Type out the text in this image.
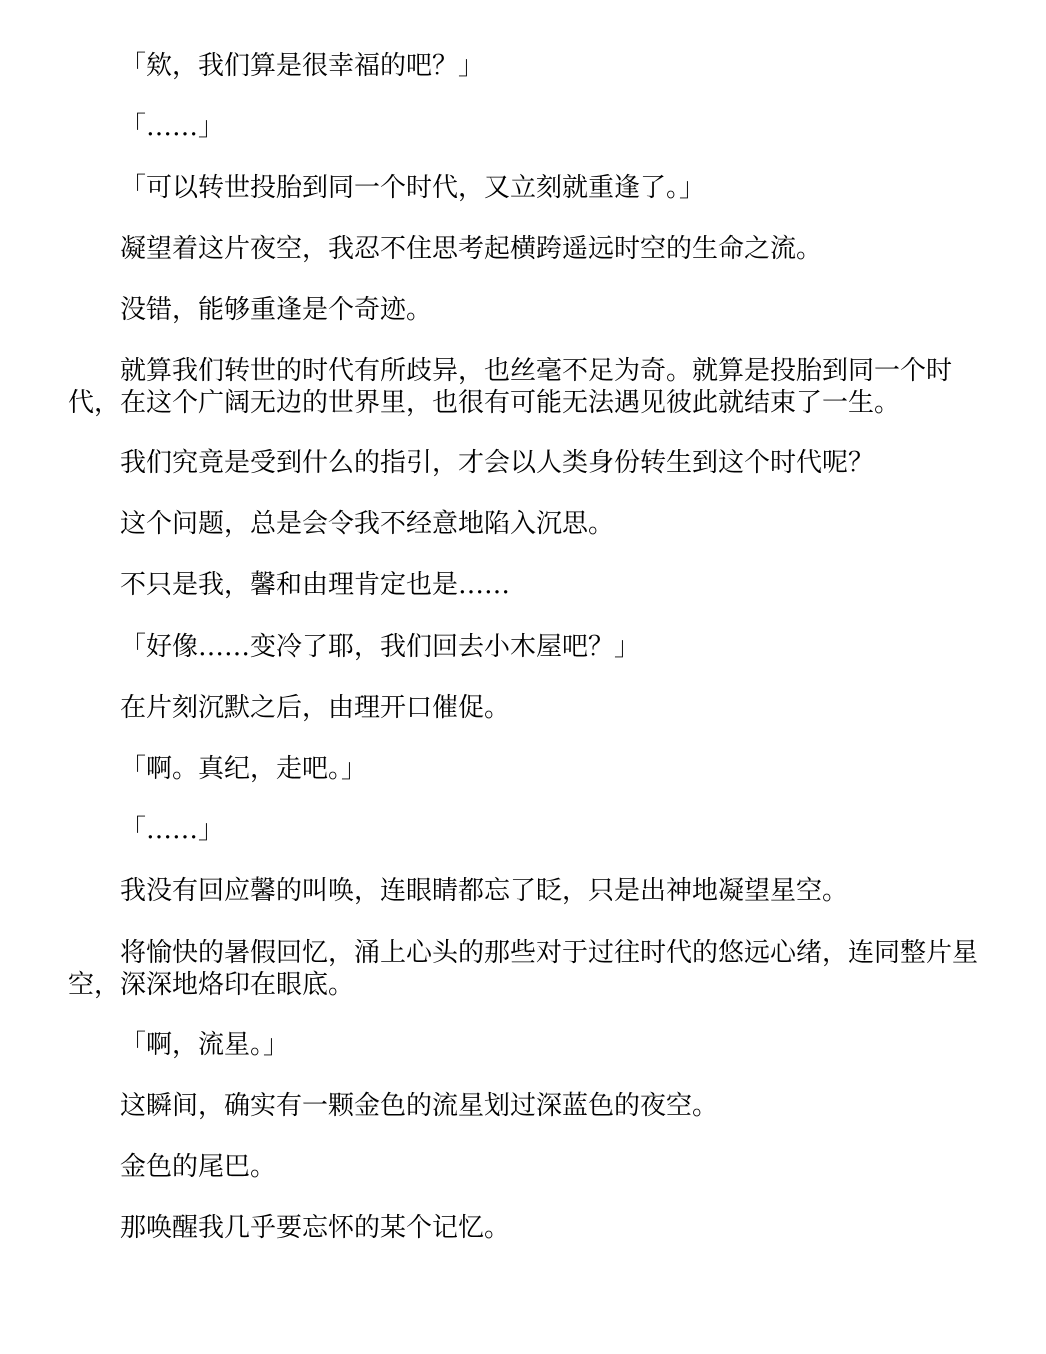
「欸，我们算是很幸福的吧？」

「……」

「可以转世投胎到同一个时代，又立刻就重逢了。」

凝望着这片夜空，我忍不住思考起横跨遥远时空的生命之流。

没错，能够重逢是个奇迹。

就算我们转世的时代有所歧异，也丝毫不足为奇。就算是投胎到同一个时代，在这个广阔无边的世界里，也很有可能无法遇见彼此就结束了一生。

我们究竟是受到什么的指引，才会以人类身份转生到这个时代呢？

这个问题，总是会令我不经意地陷入沉思。

不只是我，馨和由理肯定也是……

「好像……变冷了耶，我们回去小木屋吧？」

在片刻沉默之后，由理开口催促。

「啊。真纪，走吧。」

「……」

我没有回应馨的叫唤，连眼睛都忘了眨，只是出神地凝望星空。

将愉快的暑假回忆，涌上心头的那些对于过往时代的悠远心绪，连同整片星空，深深地烙印在眼底。

「啊，流星。」

这瞬间，确实有一颗金色的流星划过深蓝色的夜空。

金色的尾巴。

那唤醒我几乎要忘怀的某个记忆。
